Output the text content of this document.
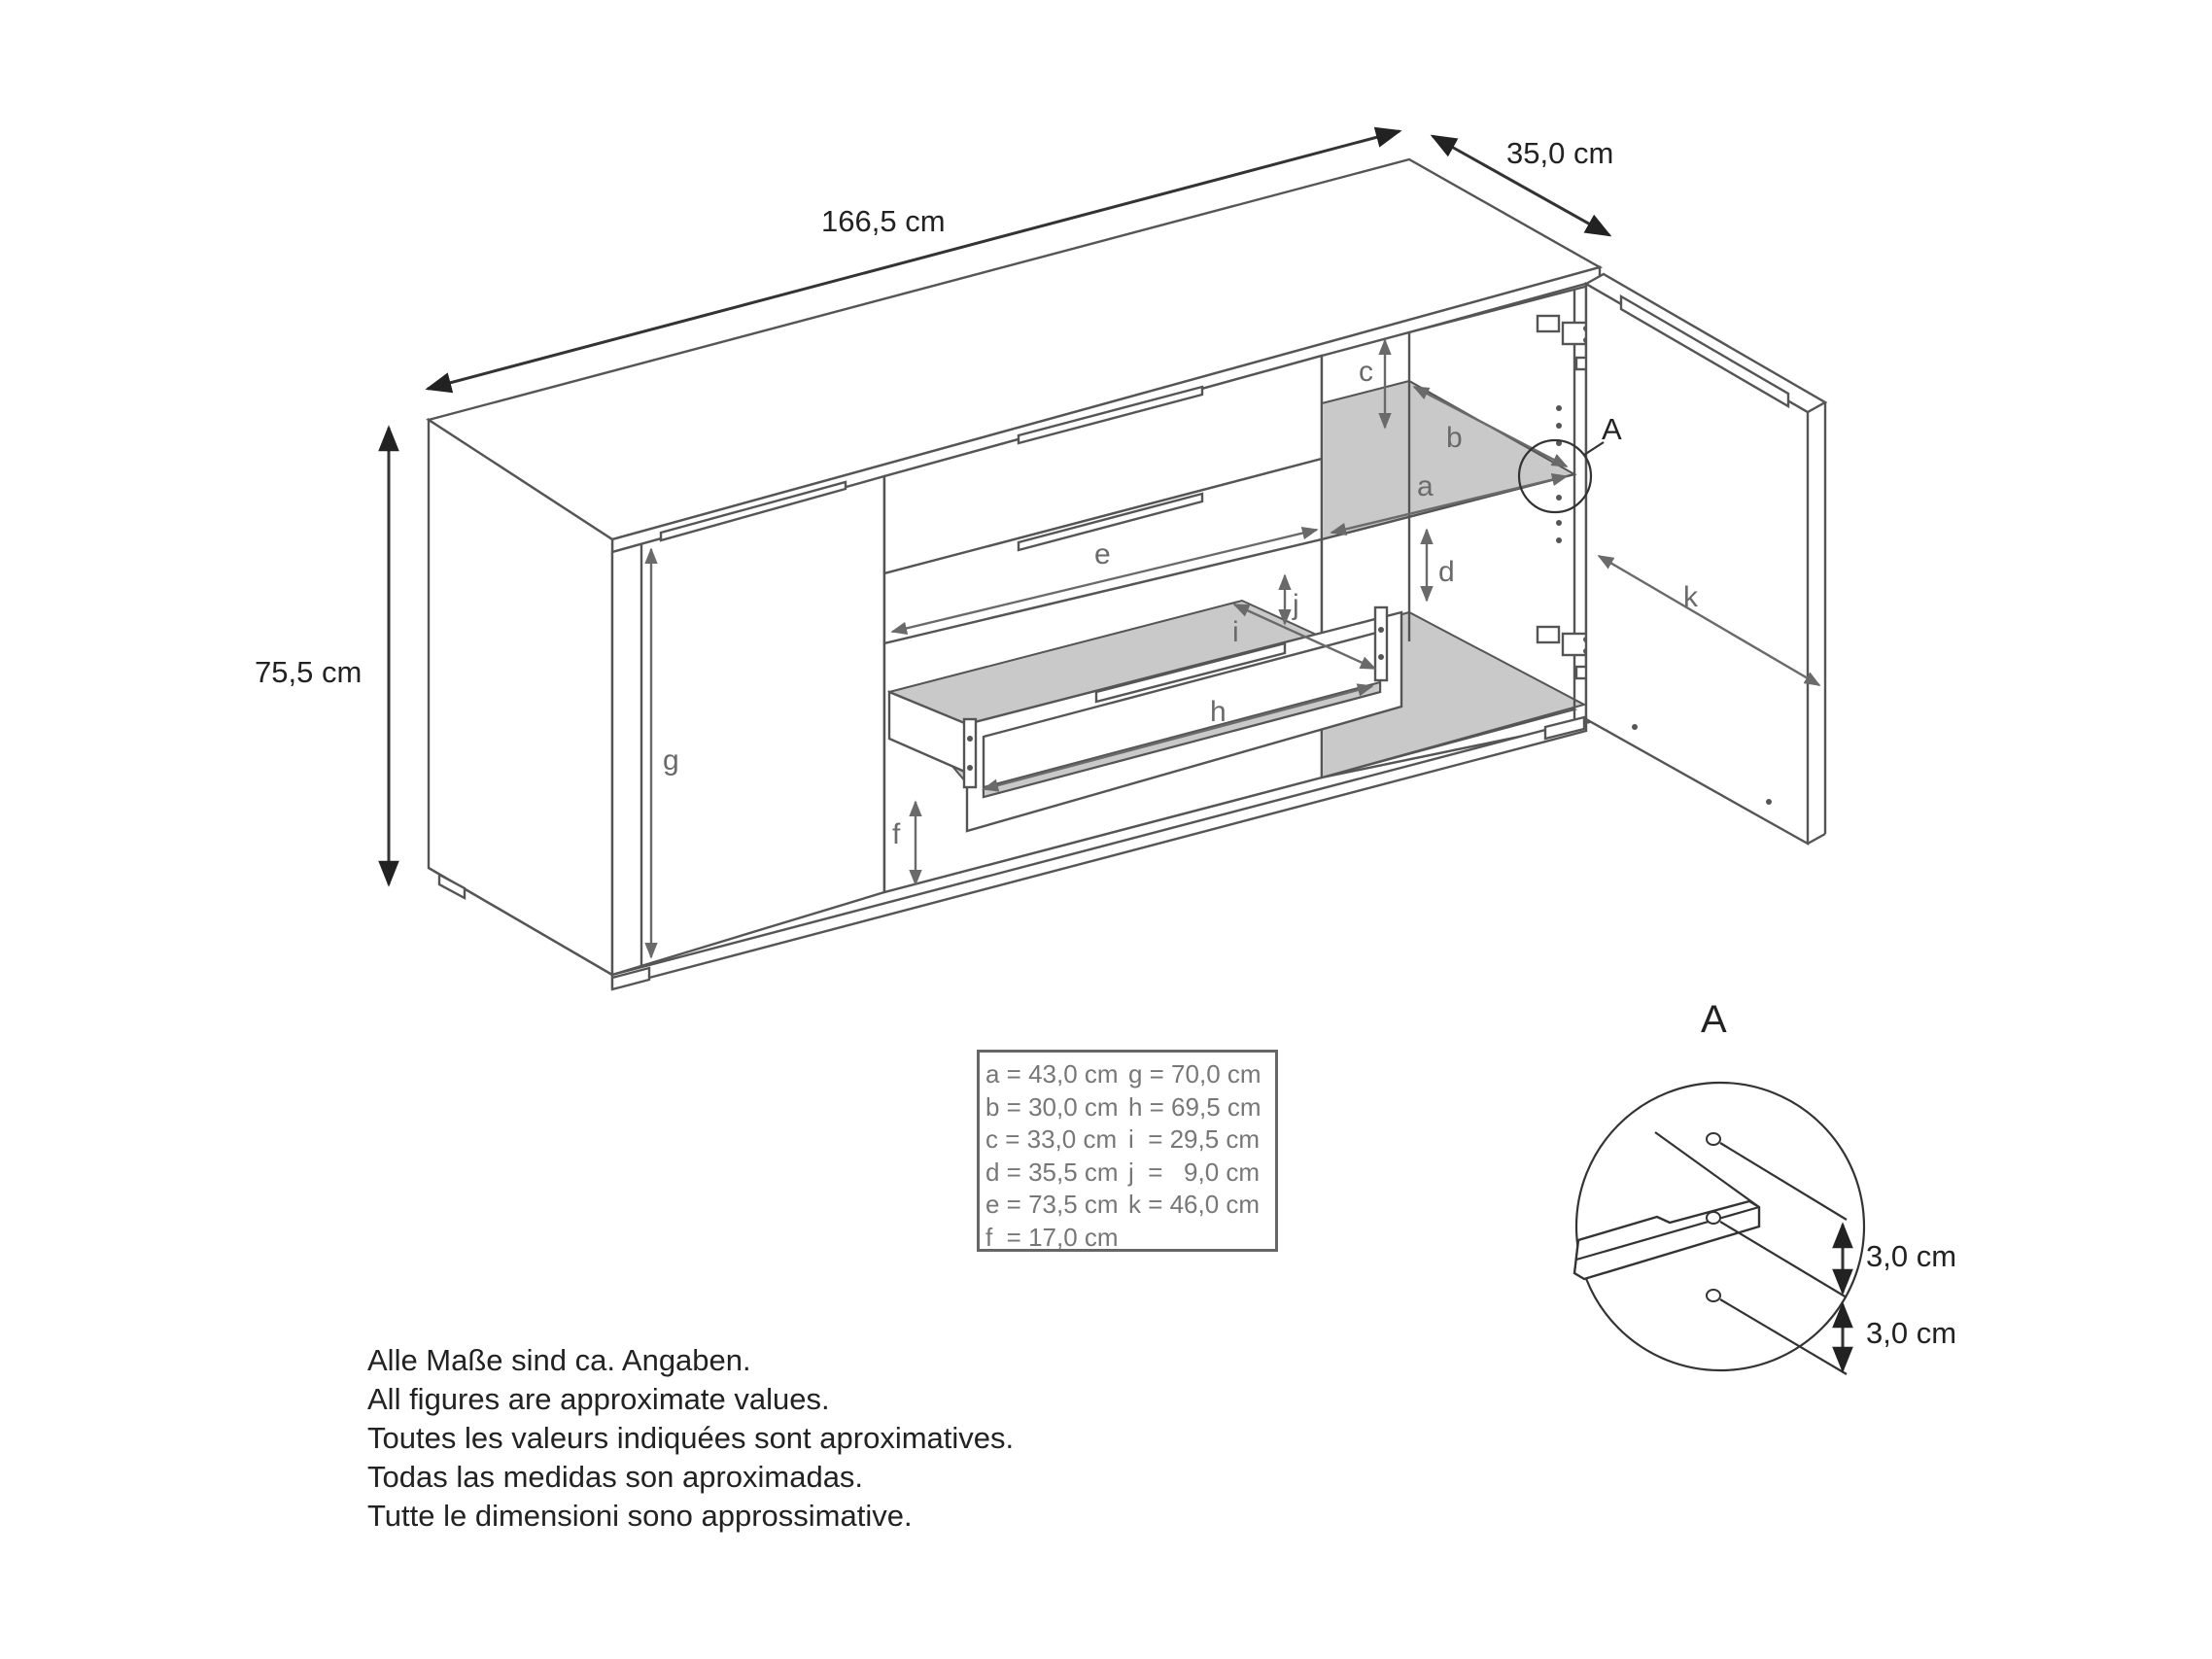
166,5 cm
35,0 cm
75,5 cm
a
b
c
d
e
f
g
h
i
j	k
A
A
3,0 cm
3,0 cm
a = 43,0 cm g = 70,0 cm
b = 30,0 cm h = 69,5 cm
c = 33,0 cm i  = 29,5 cm
d = 35,5 cm j  =   9,0 cm
e = 73,5 cm k = 46,0 cm
f  = 17,0 cm
Alle Maße sind ca. Angaben.
All figures are approximate values.
Toutes les valeurs indiquées sont aproximatives.
Todas las medidas son aproximadas.
Tutte le dimensioni sono approssimative.
